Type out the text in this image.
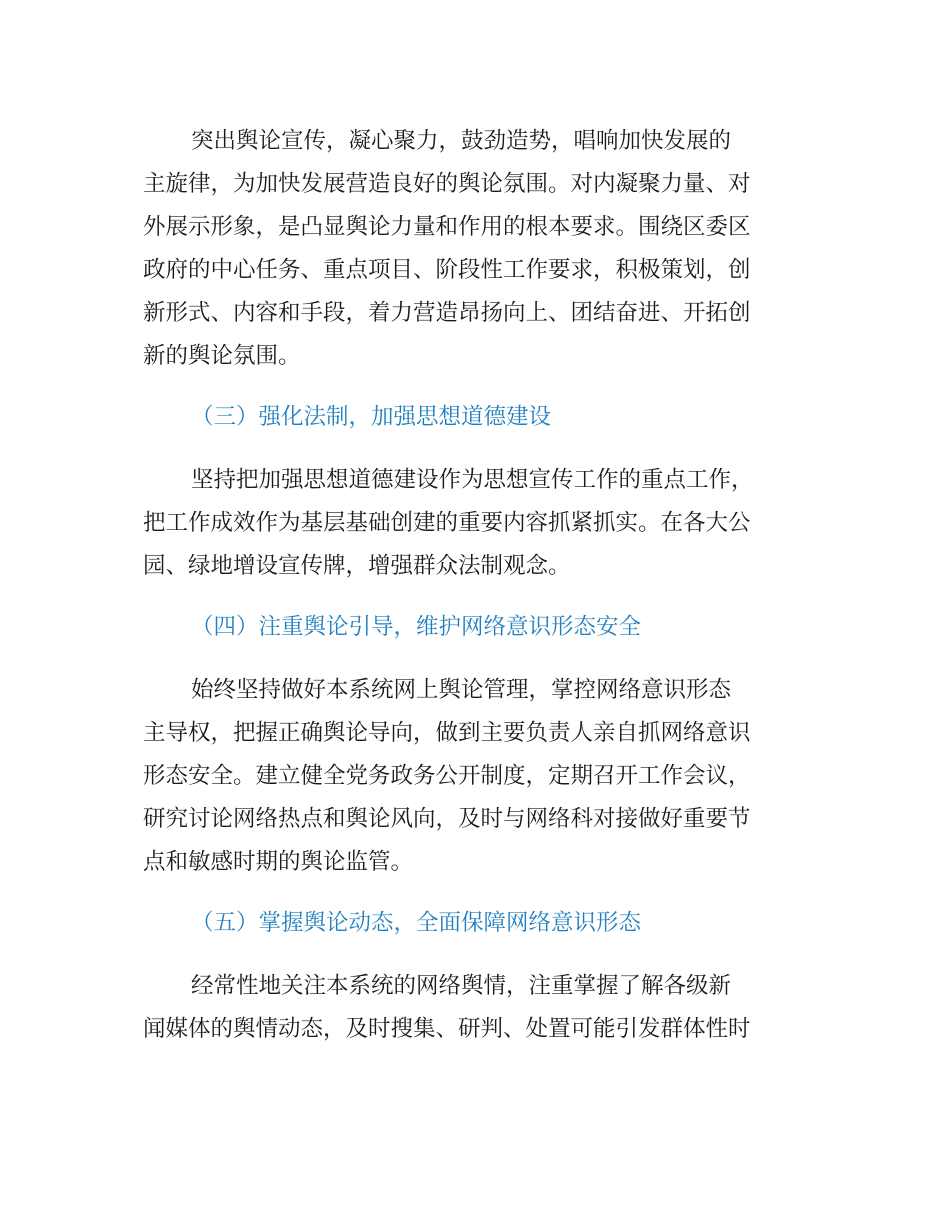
突出舆论宣传，凝心聚力，鼓劲造势，唱响加快发展的
主旋律，为加快发展营造良好的舆论氛围。对内凝聚力量、对
外展示形象，是凸显舆论力量和作用的根本要求。围绕区委区
政府的中心任务、重点项目、阶段性工作要求，积极策划，创
新形式、内容和手段，着力营造昂扬向上、团结奋进、开拓创
新的舆论氛围。
（三）强化法制，加强思想道德建设
坚持把加强思想道德建设作为思想宣传工作的重点工作，
把工作成效作为基层基础创建的重要内容抓紧抓实。在各大公
园、绿地增设宣传牌，增强群众法制观念。
（四）注重舆论引导，维护网络意识形态安全
始终坚持做好本系统网上舆论管理，掌控网络意识形态
主导权，把握正确舆论导向，做到主要负责人亲自抓网络意识
形态安全。建立健全党务政务公开制度，定期召开工作会议，
研究讨论网络热点和舆论风向，及时与网络科对接做好重要节
点和敏感时期的舆论监管。
（五）掌握舆论动态，全面保障网络意识形态
经常性地关注本系统的网络舆情，注重掌握了解各级新
闻媒体的舆情动态，及时搜集、研判、处置可能引发群体性时
